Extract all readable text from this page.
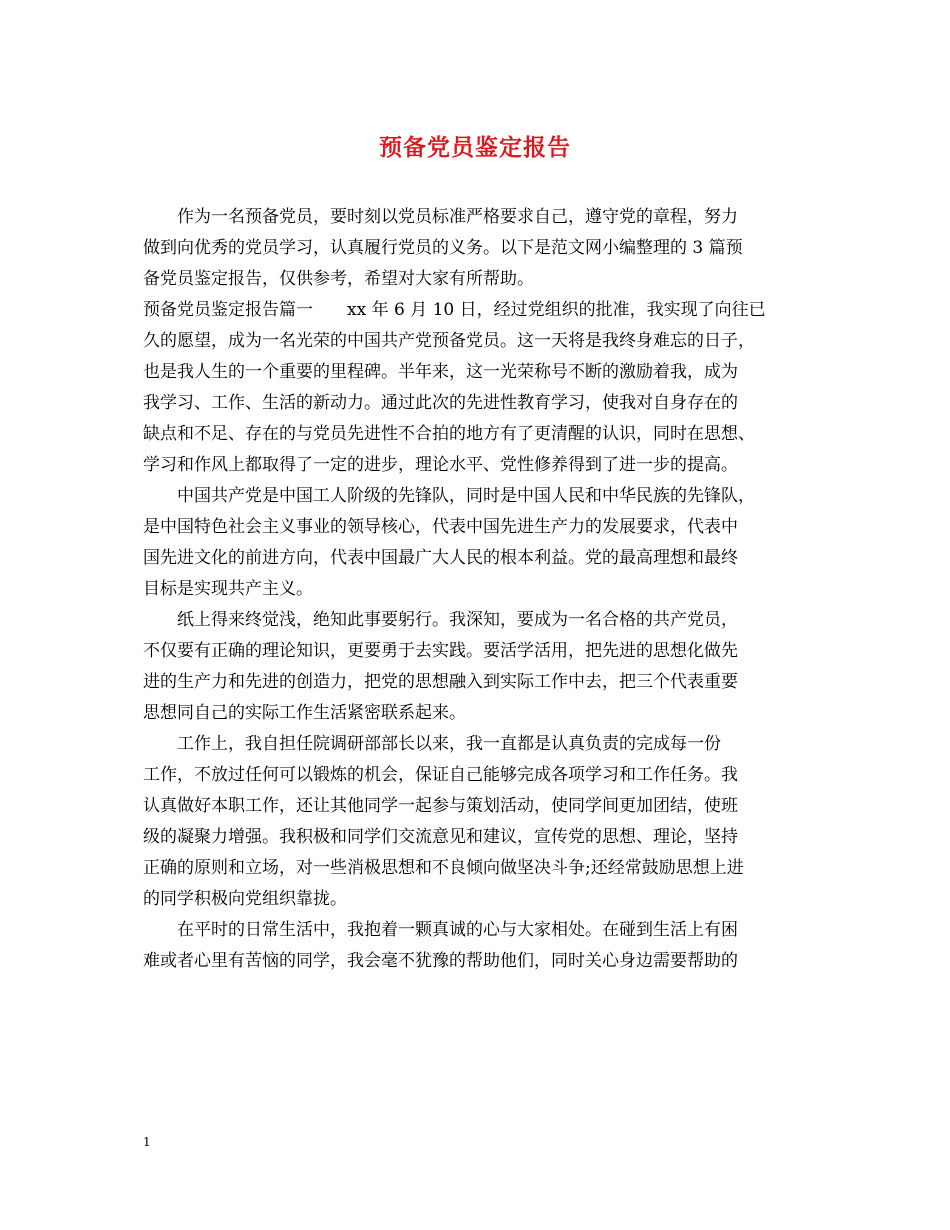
预备党员鉴定报告
　　作为一名预备党员，要时刻以党员标准严格要求自己，遵守党的章程，努力
做到向优秀的党员学习，认真履行党员的义务。以下是范文网小编整理的 3 篇预
备党员鉴定报告，仅供参考，希望对大家有所帮助。
预备党员鉴定报告篇一　　xx 年 6 月 10 日，经过党组织的批准，我实现了向往已
久的愿望，成为一名光荣的中国共产党预备党员。这一天将是我终身难忘的日子，
也是我人生的一个重要的里程碑。半年来，这一光荣称号不断的激励着我，成为
我学习、工作、生活的新动力。通过此次的先进性教育学习，使我对自身存在的
缺点和不足、存在的与党员先进性不合拍的地方有了更清醒的认识，同时在思想、
学习和作风上都取得了一定的进步，理论水平、党性修养得到了进一步的提高。
　　中国共产党是中国工人阶级的先锋队，同时是中国人民和中华民族的先锋队，
是中国特色社会主义事业的领导核心，代表中国先进生产力的发展要求，代表中
国先进文化的前进方向，代表中国最广大人民的根本利益。党的最高理想和最终
目标是实现共产主义。
　　纸上得来终觉浅，绝知此事要躬行。我深知，要成为一名合格的共产党员，
不仅要有正确的理论知识，更要勇于去实践。要活学活用，把先进的思想化做先
进的生产力和先进的创造力，把党的思想融入到实际工作中去，把三个代表重要
思想同自己的实际工作生活紧密联系起来。
　　工作上，我自担任院调研部部长以来，我一直都是认真负责的完成每一份
工作，不放过任何可以锻炼的机会，保证自己能够完成各项学习和工作任务。我
认真做好本职工作，还让其他同学一起参与策划活动，使同学间更加团结，使班
级的凝聚力增强。我积极和同学们交流意见和建议，宣传党的思想、理论，坚持
正确的原则和立场，对一些消极思想和不良倾向做坚决斗争;还经常鼓励思想上进
的同学积极向党组织靠拢。
　　在平时的日常生活中，我抱着一颗真诚的心与大家相处。在碰到生活上有困
难或者心里有苦恼的同学，我会毫不犹豫的帮助他们，同时关心身边需要帮助的
1
